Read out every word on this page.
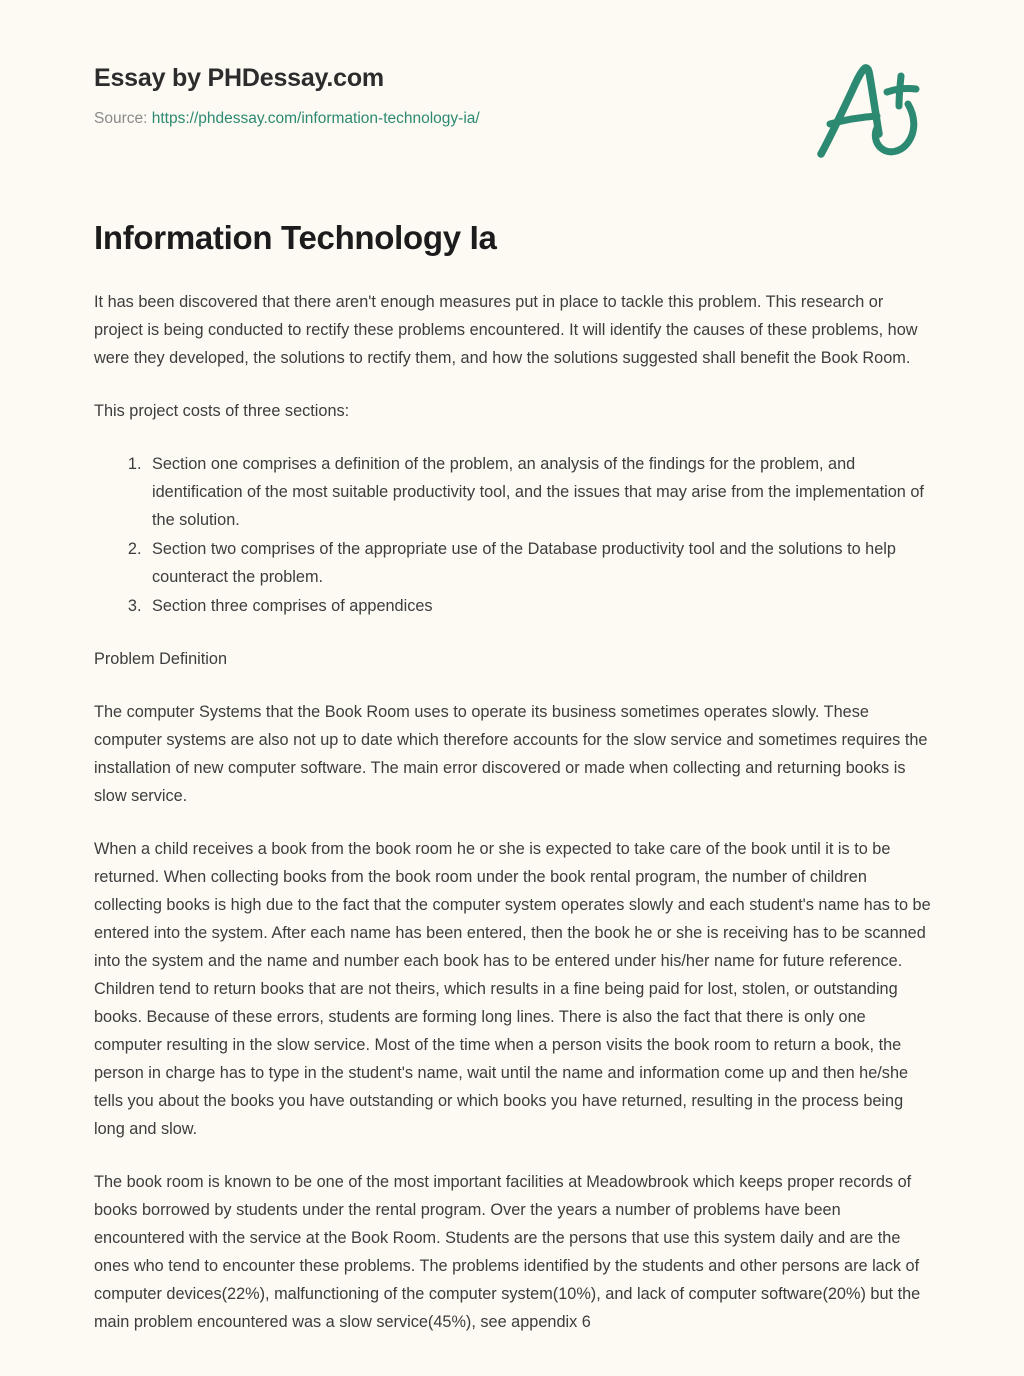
Essay by PHDessay.com
Source: https://phdessay.com/information-technology-ia/
Information Technology Ia

It has been discovered that there aren't enough measures put in place to tackle this problem. This research or project is being conducted to rectify these problems encountered. It will identify the causes of these problems, how were they developed, the solutions to rectify them, and how the solutions suggested shall benefit the Book Room.

This project costs of three sections:

1. Section one comprises a definition of the problem, an analysis of the findings for the problem, and identification of the most suitable productivity tool, and the issues that may arise from the implementation of the solution.
2. Section two comprises of the appropriate use of the Database productivity tool and the solutions to help counteract the problem.
3. Section three comprises of appendices

Problem Definition

The computer Systems that the Book Room uses to operate its business sometimes operates slowly. These computer systems are also not up to date which therefore accounts for the slow service and sometimes requires the installation of new computer software. The main error discovered or made when collecting and returning books is slow service.

When a child receives a book from the book room he or she is expected to take care of the book until it is to be returned. When collecting books from the book room under the book rental program, the number of children collecting books is high due to the fact that the computer system operates slowly and each student's name has to be entered into the system. After each name has been entered, then the book he or she is receiving has to be scanned into the system and the name and number each book has to be entered under his/her name for future reference. Children tend to return books that are not theirs, which results in a fine being paid for lost, stolen, or outstanding books. Because of these errors, students are forming long lines. There is also the fact that there is only one computer resulting in the slow service. Most of the time when a person visits the book room to return a book, the person in charge has to type in the student's name, wait until the name and information come up and then he/she tells you about the books you have outstanding or which books you have returned, resulting in the process being long and slow.

The book room is known to be one of the most important facilities at Meadowbrook which keeps proper records of books borrowed by students under the rental program. Over the years a number of problems have been encountered with the service at the Book Room. Students are the persons that use this system daily and are the ones who tend to encounter these problems. The problems identified by the students and other persons are lack of computer devices(22%), malfunctioning of the computer system(10%), and lack of computer software(20%) but the main problem encountered was a slow service(45%), see appendix 6
